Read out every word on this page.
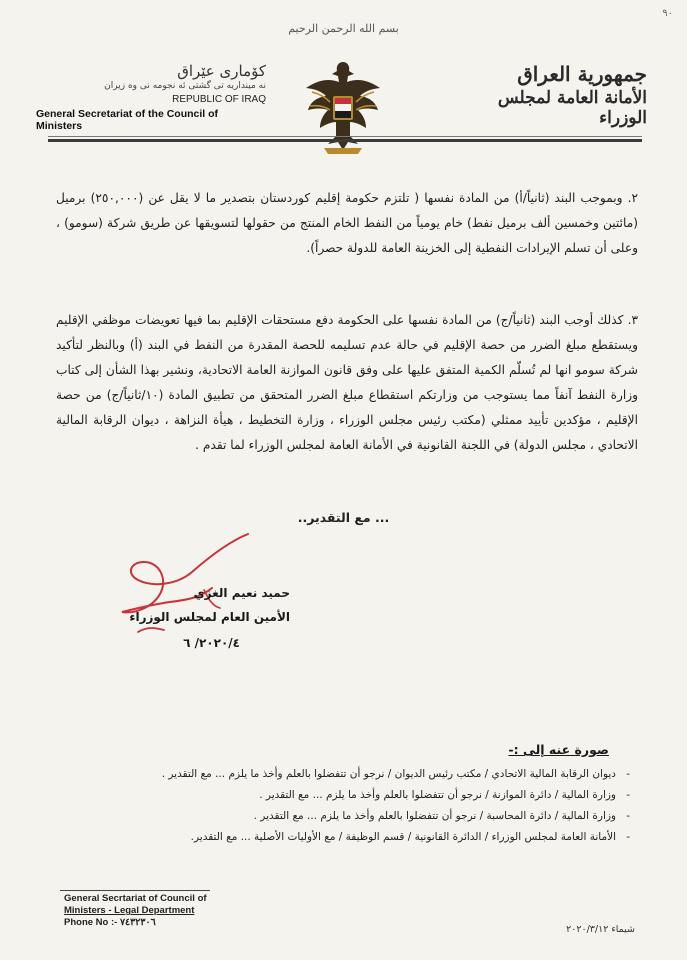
٩٠
بسم الله الرحمن الرحيم
كۆماری عێراق
نه مينداريه تى گشتى ئه نجومه نى وه زيران
REPUBLIC OF IRAQ
General Secretariat of the Council of Ministers
جمهورية العراق
الأمانة العامة لمجلس الوزراء
٢. وبموجب البند (ثانياً/أ) من المادة نفسها ( تلتزم حكومة إقليم كوردستان بتصدير ما لا يقل عن (٢٥٠,٠٠٠) برميل (مائتين وخمسين ألف برميل نفط) خام يومياً من النفط الخام المنتج من حقولها لتسويقها عن طريق شركة (سومو) ، وعلى أن تسلم الإيرادات النفطية إلى الخزينة العامة للدولة حصراً).
٣. كذلك أوجب البند (ثانياً/ج) من المادة نفسها على الحكومة دفع مستحقات الإقليم بما فيها تعويضات موظفي الإقليم ويستقطع مبلغ الضرر من حصة الإقليم في حالة عدم تسليمه للحصة المقدرة من النفط في البند (أ) وبالنظر لتأكيد شركة سومو انها لم تُسلّم الكمية المتفق عليها على وفق قانون الموازنة العامة الاتحادية، ونشير بهذا الشأن إلى كتاب وزارة النفط آنفاً مما يستوجب من وزارتكم استقطاع مبلغ الضرر المتحقق من تطبيق المادة (١٠/ثانياً/ج) من حصة الإقليم ، مؤكدين تأييد ممثلي (مكتب رئيس مجلس الوزراء ، وزارة التخطيط ، هيأة النزاهة ، ديوان الرقابة المالية الاتحادي ، مجلس الدولة) في اللجنة القانونية في الأمانة العامة لمجلس الوزراء لما تقدم .
... مع التقدير..
حميد نعيم الغزي
الأمين العام لمجلس الوزراء
٢٠٢٠/٤/ ٦
صورة عنه إلى :-
- ديوان الرقابة المالية الاتحادي / مكتب رئيس الديوان / نرجو أن تتفضلوا بالعلم وأخذ ما يلزم ... مع التقدير .
- وزارة المالية / دائرة الموازنة / نرجو أن تتفضلوا بالعلم وأخذ ما يلزم ... مع التقدير .
- وزارة المالية / دائرة المحاسبة / نرجو أن تتفضلوا بالعلم وأخذ ما يلزم ... مع التقدير .
- الأمانة العامة لمجلس الوزراء / الدائرة القانونية / قسم الوظيفة / مع الأوليات الأصلية ... مع التقدير.
General Secrtariat of Council of
Ministers - Legal Department
Phone No :- ٧٤٣٢٣٠٦
شيماء ٢٠٢٠/٣/١٢
